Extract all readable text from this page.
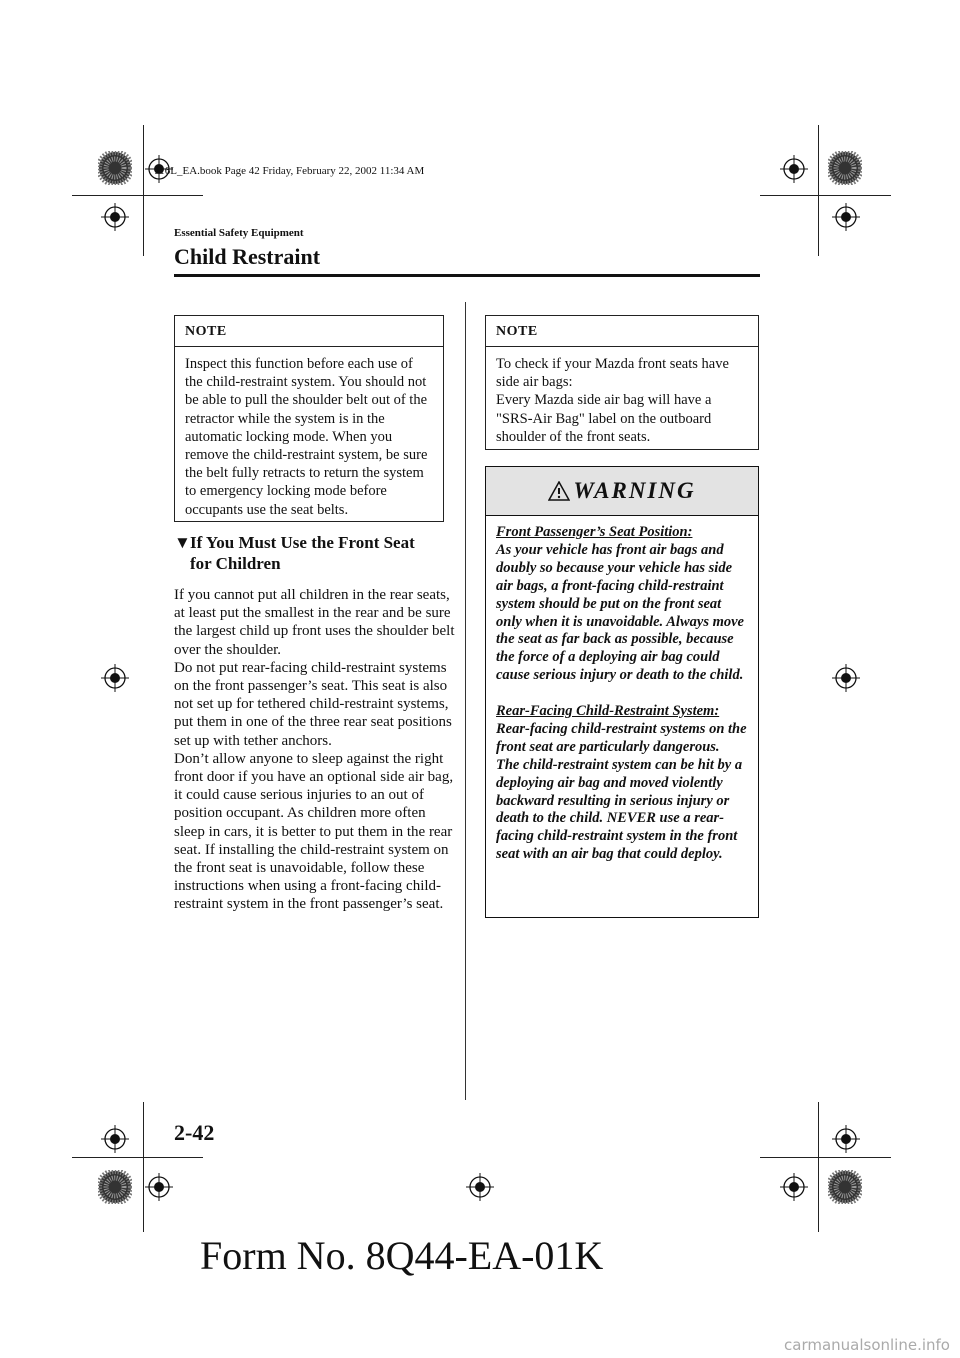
J16L_EA.book Page 42 Friday, February 22, 2002 11:34 AM
Essential Safety Equipment
Child Restraint
NOTE
Inspect this function before each use of the child-restraint system. You should not be able to pull the shoulder belt out of the retractor while the system is in the automatic locking mode. When you remove the child-restraint system, be sure the belt fully retracts to return the system to emergency locking mode before occupants use the seat belts.
▼If You Must Use the Front Seat
for Children
If you cannot put all children in the rear seats, at least put the smallest in the rear and be sure the largest child up front uses the shoulder belt over the shoulder.
Do not put rear-facing child-restraint systems on the front passenger’s seat. This seat is also not set up for tethered child-restraint systems, put them in one of the three rear seat positions set up with tether anchors.
Don’t allow anyone to sleep against the right front door if you have an optional side air bag, it could cause serious injuries to an out of position occupant. As children more often sleep in cars, it is better to put them in the rear seat. If installing the child-restraint system on the front seat is unavoidable, follow these instructions when using a front-facing child-restraint system in the front passenger’s seat.
NOTE
To check if your Mazda front seats have side air bags:
Every Mazda side air bag will have a "SRS-Air Bag" label on the outboard shoulder of the front seats.
WARNING
Front Passenger’s Seat Position:
As your vehicle has front air bags and doubly so because your vehicle has side air bags, a front-facing child-restraint system should be put on the front seat only when it is unavoidable. Always move the seat as far back as possible, because the force of a deploying air bag could cause serious injury or death to the child.
Rear-Facing Child-Restraint System:
Rear-facing child-restraint systems on the front seat are particularly dangerous.
The child-restraint system can be hit by a deploying air bag and moved violently backward resulting in serious injury or death to the child. NEVER use a rear-facing child-restraint system in the front seat with an air bag that could deploy.
2-42
Form No. 8Q44-EA-01K
carmanualsonline.info
